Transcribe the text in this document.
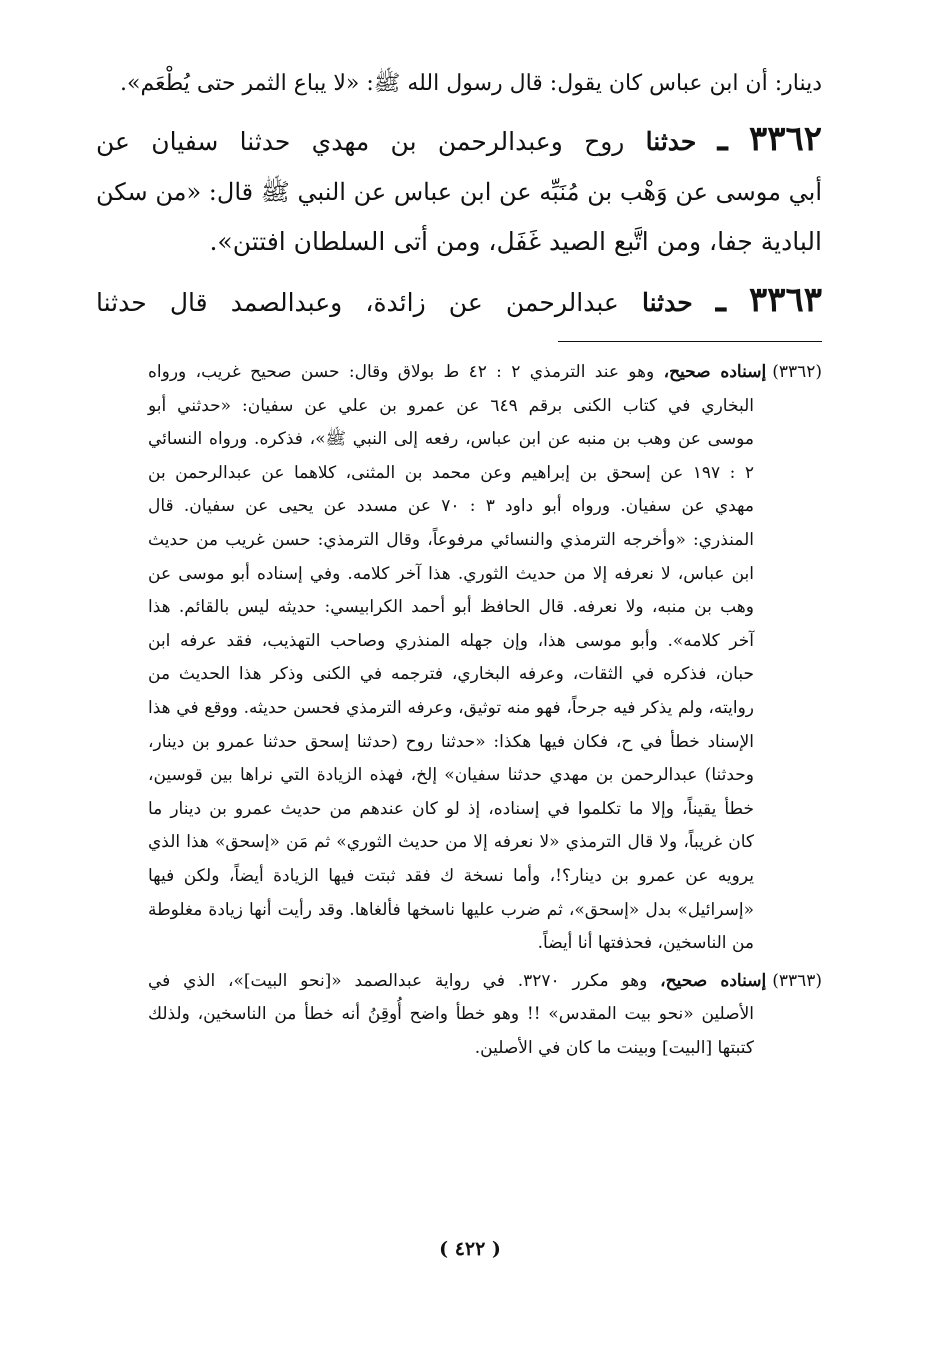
دينار: أن ابن عباس كان يقول: قال رسول الله ﷺ: «لا يباع الثمر حتى يُطْعَم».
٣٣٦٢ ـ حدثنا روح وعبدالرحمن بن مهدي حدثنا سفيان عن
أبي موسى عن وَهْب بن مُنَبِّه عن ابن عباس عن النبي ﷺ قال: «من سكن
البادية جفا، ومن اتَّبع الصيد غَفَل، ومن أتى السلطان افتتن».
٣٣٦٣ ـ حدثنا عبدالرحمن عن زائدة، وعبدالصمد قال حدثنا
(٣٣٦٢)إسناده صحيح، وهو عند الترمذي ٢ : ٤٢ ط بولاق وقال: حسن صحيح غريب، ورواه
البخاري في كتاب الكنى برقم ٦٤٩ عن عمرو بن علي عن سفيان: «حدثني أبو
موسى عن وهب بن منبه عن ابن عباس، رفعه إلى النبي ﷺ»، فذكره. ورواه النسائي
٢ : ١٩٧ عن إسحق بن إبراهيم وعن محمد بن المثنى، كلاهما عن عبدالرحمن بن
مهدي عن سفيان. ورواه أبو داود ٣ : ٧٠ عن مسدد عن يحيى عن سفيان. قال
المنذري: «وأخرجه الترمذي والنسائي مرفوعاً، وقال الترمذي: حسن غريب من حديث
ابن عباس، لا نعرفه إلا من حديث الثوري. هذا آخر كلامه. وفي إسناده أبو موسى عن
وهب بن منبه، ولا نعرفه. قال الحافظ أبو أحمد الكرابيسي: حديثه ليس بالقائم. هذا
آخر كلامه». وأبو موسى هذا، وإن جهله المنذري وصاحب التهذيب، فقد عرفه ابن
حبان، فذكره في الثقات، وعرفه البخاري، فترجمه في الكنى وذكر هذا الحديث من
روايته، ولم يذكر فيه جرحاً، فهو منه توثيق، وعرفه الترمذي فحسن حديثه. ووقع في هذا
الإسناد خطأ في ح، فكان فيها هكذا: «حدثنا روح (حدثنا إسحق حدثنا عمرو بن دينار،
وحدثنا) عبدالرحمن بن مهدي حدثنا سفيان» إلخ، فهذه الزيادة التي نراها بين قوسين،
خطأ يقيناً، وإلا ما تكلموا في إسناده، إذ لو كان عندهم من حديث عمرو بن دينار ما
كان غريباً، ولا قال الترمذي «لا نعرفه إلا من حديث الثوري» ثم مَن «إسحق» هذا الذي
يرويه عن عمرو بن دينار؟!، وأما نسخة ك فقد ثبتت فيها الزيادة أيضاً، ولكن فيها
«إسرائيل» بدل «إسحق»، ثم ضرب عليها ناسخها فألغاها. وقد رأيت أنها زيادة مغلوطة
من الناسخين، فحذفتها أنا أيضاً.
(٣٣٦٣)إسناده صحيح، وهو مكرر ٣٢٧٠. في رواية عبدالصمد «[نحو البيت]»، الذي في
الأصلين «نحو بيت المقدس» !! وهو خطأ واضح أُوقِنُ أنه خطأ من الناسخين، ولذلك
كتبتها [البيت] وبينت ما كان في الأصلين.
( ٤٢٢ )
